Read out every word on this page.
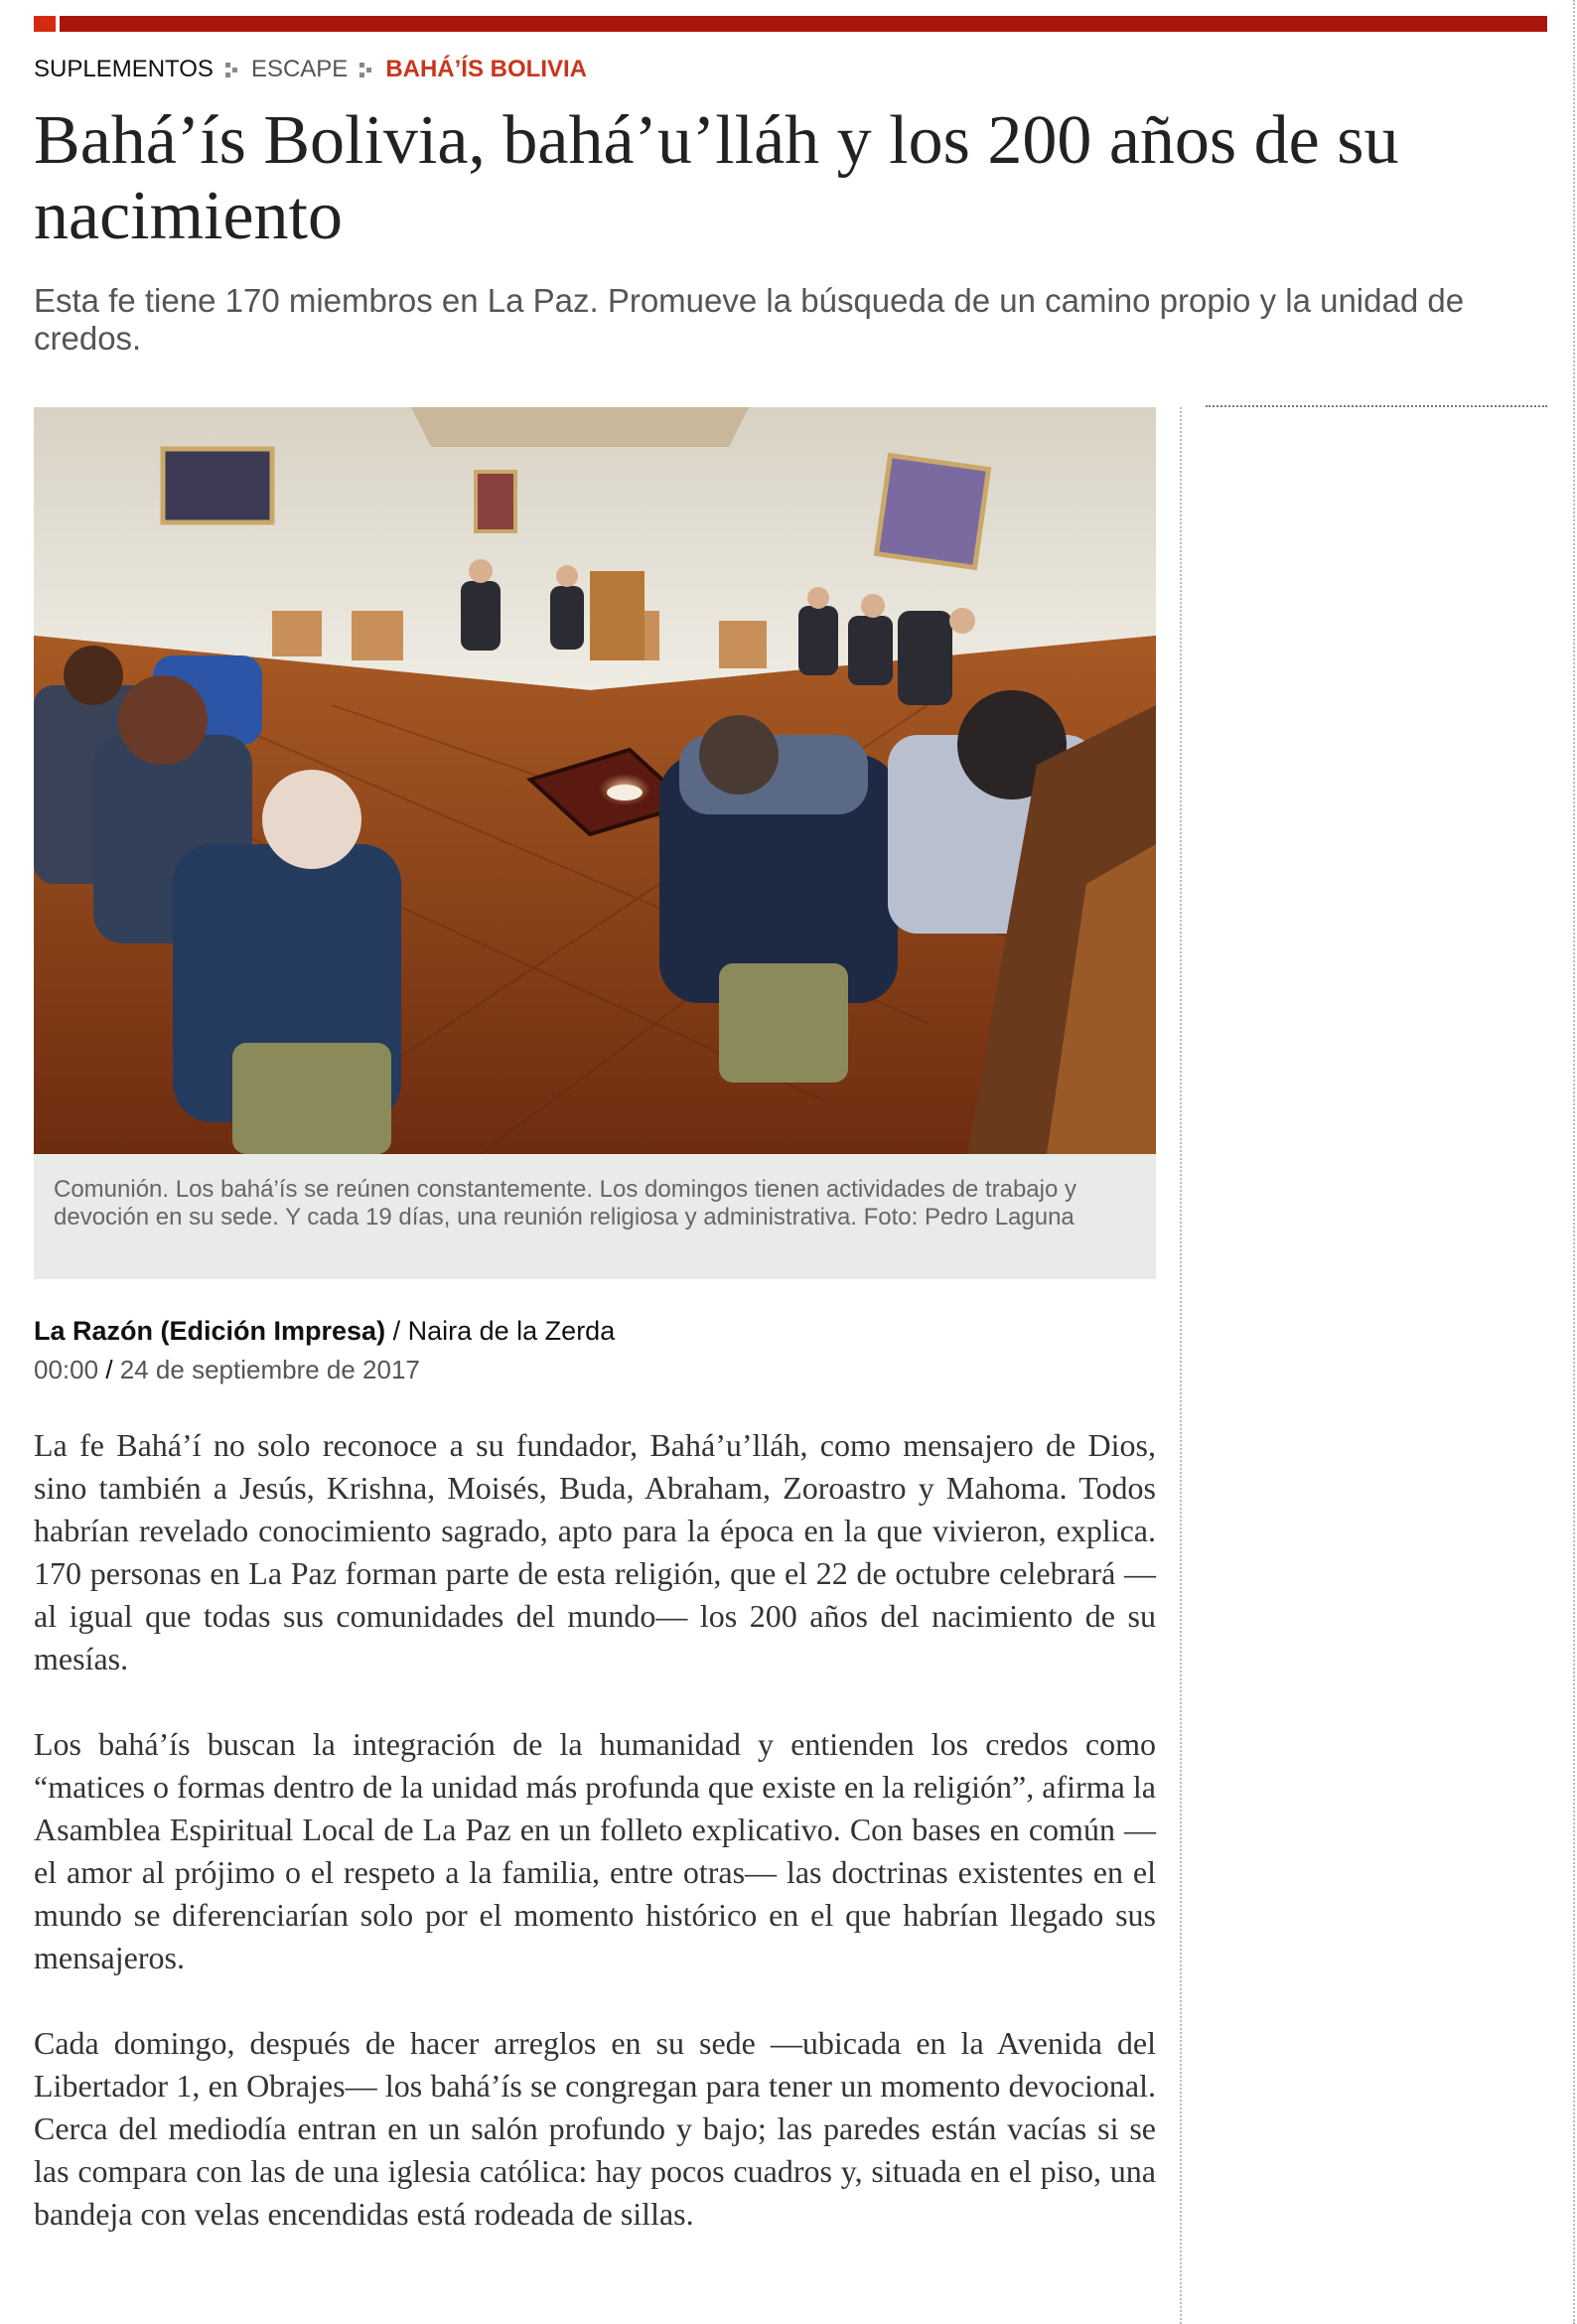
SUPLEMENTOS ESCAPE BAHÁ’ÍS BOLIVIA
Bahá’ís Bolivia, bahá’u’lláh y los 200 años de su nacimiento

Esta fe tiene 170 miembros en La Paz. Promueve la búsqueda de un camino propio y la unidad de credos.

Comunión. Los bahá’ís se reúnen constantemente. Los domingos tienen actividades de trabajo y devoción en su sede. Y cada 19 días, una reunión religiosa y administrativa. Foto: Pedro Laguna
La Razón (Edición Impresa) / Naira de la Zerda
00:00 / 24 de septiembre de 2017

La fe Bahá’í no solo reconoce a su fundador, Bahá’u’lláh, como mensajero de Dios, sino también a Jesús, Krishna, Moisés, Buda, Abraham, Zoroastro y Mahoma. Todos habrían revelado conocimiento sagrado, apto para la época en la que vivieron, explica. 170 personas en La Paz forman parte de esta religión, que el 22 de octubre celebrará —al igual que todas sus comunidades del mundo— los 200 años del nacimiento de su mesías.

Los bahá’ís buscan la integración de la humanidad y entienden los credos como “matices o formas dentro de la unidad más profunda que existe en la religión”, afirma la Asamblea Espiritual Local de La Paz en un folleto explicativo. Con bases en común —el amor al prójimo o el respeto a la familia, entre otras— las doctrinas existentes en el mundo se diferenciarían solo por el momento histórico en el que habrían llegado sus mensajeros.

Cada domingo, después de hacer arreglos en su sede —ubicada en la Avenida del Libertador 1, en Obrajes— los bahá’ís se congregan para tener un momento devocional. Cerca del mediodía entran en un salón profundo y bajo; las paredes están vacías si se las compara con las de una iglesia católica: hay pocos cuadros y, situada en el piso, una bandeja con velas encendidas está rodeada de sillas.
